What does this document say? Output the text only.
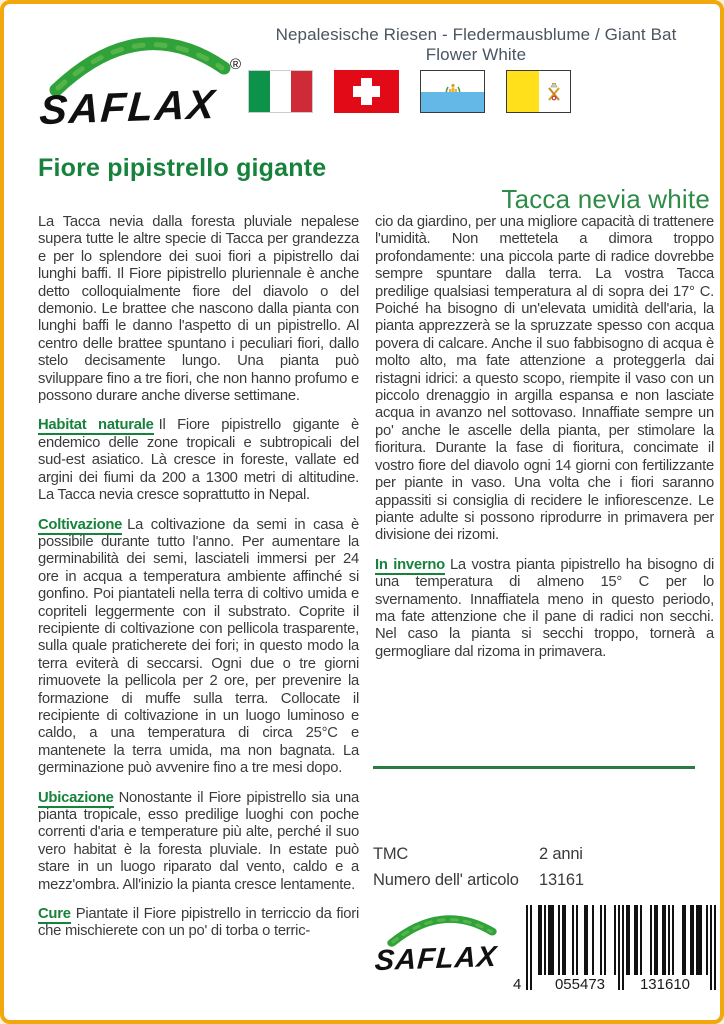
Nepalesische Riesen - Fledermausblume / Giant Bat Flower White
SAFLAX
®
Fiore pipistrello gigante
Tacca nevia white

La Tacca nevia dalla foresta pluviale nepalese supera tutte le altre specie di Tacca per grandezza e per lo splendore dei suoi fiori a pipistrello dai lunghi baffi. Il Fiore pipistrello pluriennale è anche detto colloquialmente fiore del diavolo o del demonio. Le brattee che nascono dalla pianta con lunghi baffi le danno l'aspetto di un pipistrello. Al centro delle brattee spuntano i peculiari fiori, dallo stelo decisamente lungo. Una pianta può sviluppare fino a tre fiori, che non hanno profumo e possono durare anche diverse settimane.

Habitat naturale Il Fiore pipistrello gigante è endemico delle zone tropicali e subtropicali del sud-est asiatico. Là cresce in foreste, vallate ed argini dei fiumi da 200 a 1300 metri di altitudine. La Tacca nevia cresce soprattutto in Nepal.

Coltivazione La coltivazione da semi in casa è possibile durante tutto l'anno. Per aumentare la germinabilità dei semi, lasciateli immersi per 24 ore in acqua a temperatura ambiente affinché si gonfino. Poi piantateli nella terra di coltivo umida e copriteli leggermente con il substrato. Coprite il recipiente di coltivazione con pellicola trasparente, sulla quale praticherete dei fori; in questo modo la terra eviterà di seccarsi. Ogni due o tre giorni rimuovete la pellicola per 2 ore, per prevenire la formazione di muffe sulla terra. Collocate il recipiente di coltivazione in un luogo luminoso e caldo, a una temperatura di circa 25°C e mantenete la terra umida, ma non bagnata. La germinazione può avvenire fino a tre mesi dopo.

Ubicazione Nonostante il Fiore pipistrello sia una pianta tropicale, esso predilige luoghi con poche correnti d'aria e temperature più alte, perché il suo vero habitat è la foresta pluviale. In estate può stare in un luogo riparato dal vento, caldo e a mezz'ombra. All'inizio la pianta cresce lentamente.

Cure Piantate il Fiore pipistrello in terriccio da fiori che mischierete con un po' di torba o terric-

cio da giardino, per una migliore capacità di trattenere l'umidità. Non mettetela a dimora troppo profondamente: una piccola parte di radice dovrebbe sempre spuntare dalla terra. La vostra Tacca predilige qualsiasi temperatura al di sopra dei 17° C. Poiché ha bisogno di un'elevata umidità dell'aria, la pianta apprezzerà se la spruzzate spesso con acqua povera di calcare. Anche il suo fabbisogno di acqua è molto alto, ma fate attenzione a proteggerla dai ristagni idrici: a questo scopo, riempite il vaso con un piccolo drenaggio in argilla espansa e non lasciate acqua in avanzo nel sottovaso. Innaffiate sempre un po' anche le ascelle della pianta, per stimolare la fioritura. Durante la fase di fioritura, concimate il vostro fiore del diavolo ogni 14 giorni con fertilizzante per piante in vaso. Una volta che i fiori saranno appassiti si consiglia di recidere le infiorescenze. Le piante adulte si possono riprodurre in primavera per divisione dei rizomi.

In inverno La vostra pianta pipistrello ha bisogno di una temperatura di almeno 15° C per lo svernamento. Innaffiatela meno in questo periodo, ma fate attenzione che il pane di radici non secchi. Nel caso la pianta si secchi troppo, tornerà a germogliare dal rizoma in primavera.

TMC	2 anni
Numero dell' articolo	13161
SAFLAX
4	055473	131610
